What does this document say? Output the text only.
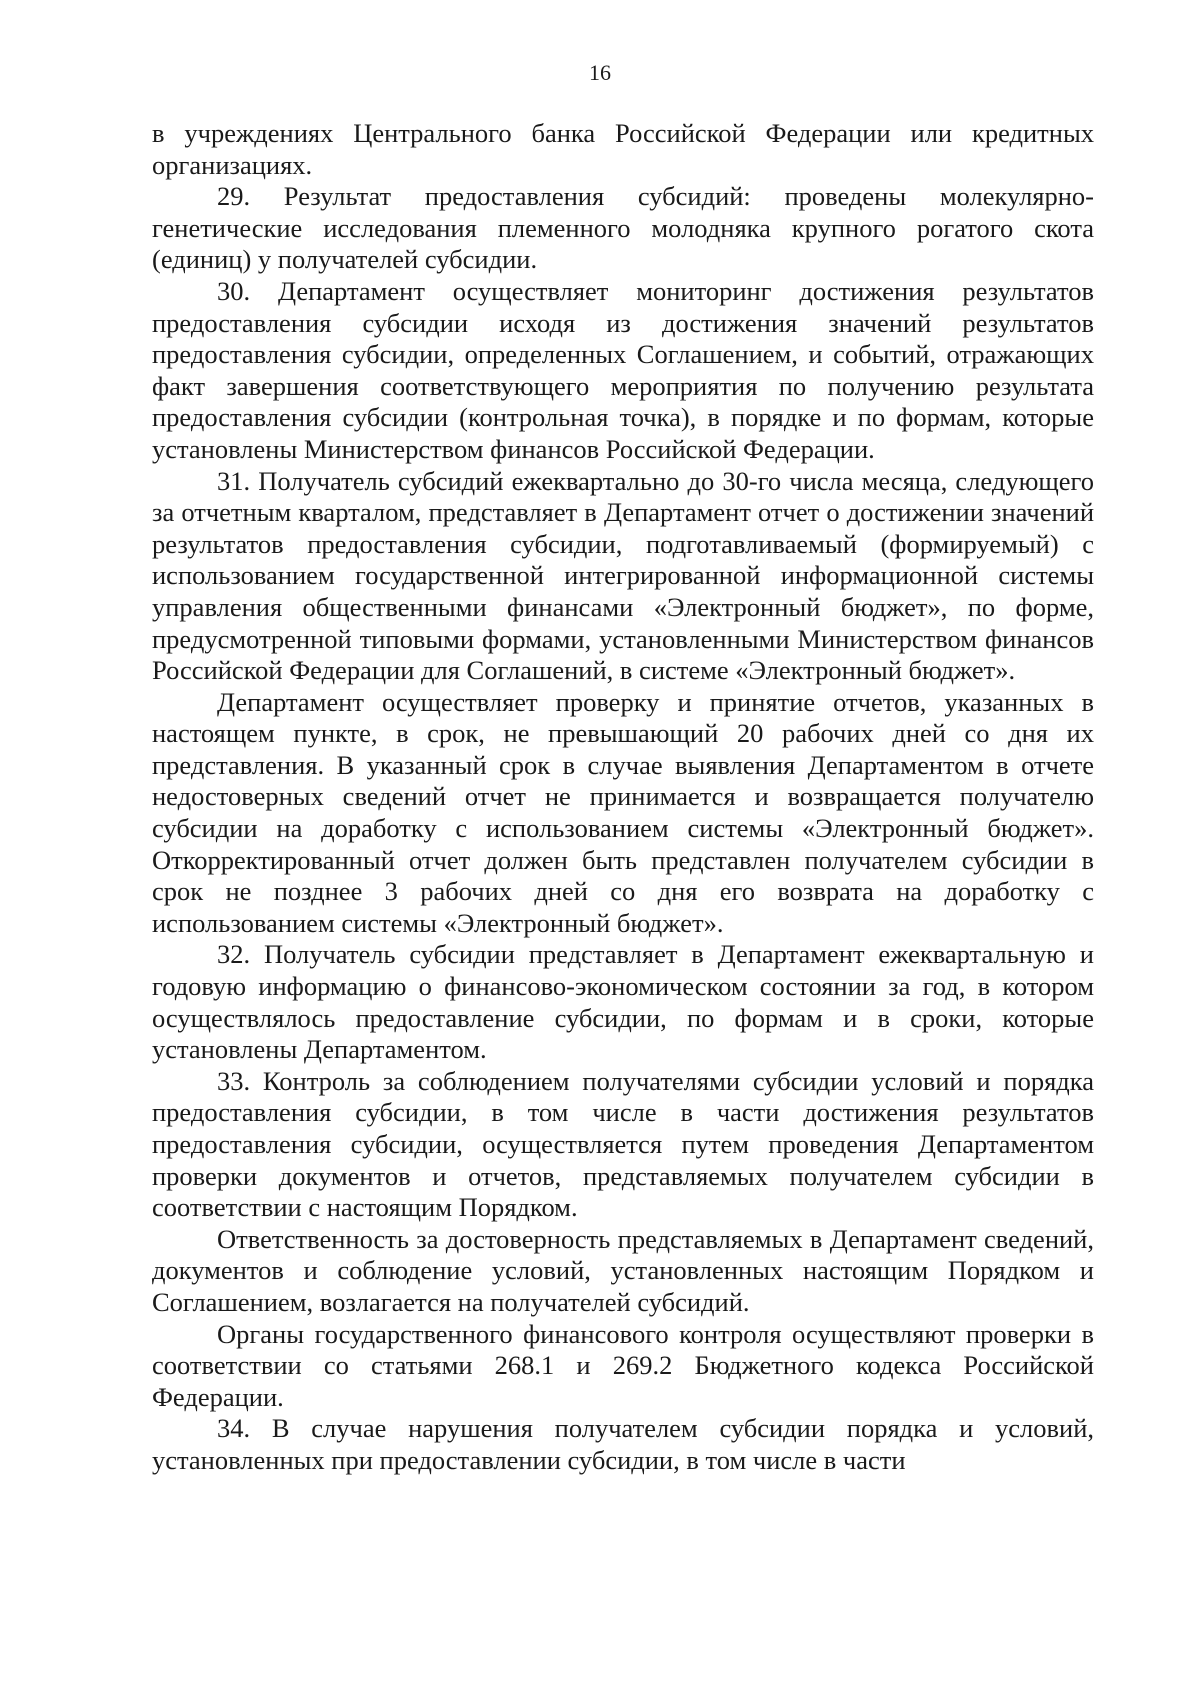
16

в учреждениях Центрального банка Российской Федерации или кредитных организациях.

29. Результат предоставления субсидий: проведены молекулярно-генетические исследования племенного молодняка крупного рогатого скота (единиц) у получателей субсидии.

30. Департамент осуществляет мониторинг достижения результатов предоставления субсидии исходя из достижения значений результатов предоставления субсидии, определенных Соглашением, и событий, отражающих факт завершения соответствующего мероприятия по получению результата предоставления субсидии (контрольная точка), в порядке и по формам, которые установлены Министерством финансов Российской Федерации.

31. Получатель субсидий ежеквартально до 30-го числа месяца, следующего за отчетным кварталом, представляет в Департамент отчет о достижении значений результатов предоставления субсидии, подготавливаемый (формируемый) с использованием государственной интегрированной информационной системы управления общественными финансами «Электронный бюджет», по форме, предусмотренной типовыми формами, установленными Министерством финансов Российской Федерации для Соглашений, в системе «Электронный бюджет».

Департамент осуществляет проверку и принятие отчетов, указанных в настоящем пункте, в срок, не превышающий 20 рабочих дней со дня их представления. В указанный срок в случае выявления Департаментом в отчете недостоверных сведений отчет не принимается и возвращается получателю субсидии на доработку с использованием системы «Электронный бюджет». Откорректированный отчет должен быть представлен получателем субсидии в срок не позднее 3 рабочих дней со дня его возврата на доработку с использованием системы «Электронный бюджет».

32. Получатель субсидии представляет в Департамент ежеквартальную и годовую информацию о финансово-экономическом состоянии за год, в котором осуществлялось предоставление субсидии, по формам и в сроки, которые установлены Департаментом.

33. Контроль за соблюдением получателями субсидии условий и порядка предоставления субсидии, в том числе в части достижения результатов предоставления субсидии, осуществляется путем проведения Департаментом проверки документов и отчетов, представляемых получателем субсидии в соответствии с настоящим Порядком.

Ответственность за достоверность представляемых в Департамент сведений, документов и соблюдение условий, установленных настоящим Порядком и Соглашением, возлагается на получателей субсидий.

Органы государственного финансового контроля осуществляют проверки в соответствии со статьями 268.1 и 269.2 Бюджетного кодекса Российской Федерации.

34. В случае нарушения получателем субсидии порядка и условий, установленных при предоставлении субсидии, в том числе в части
